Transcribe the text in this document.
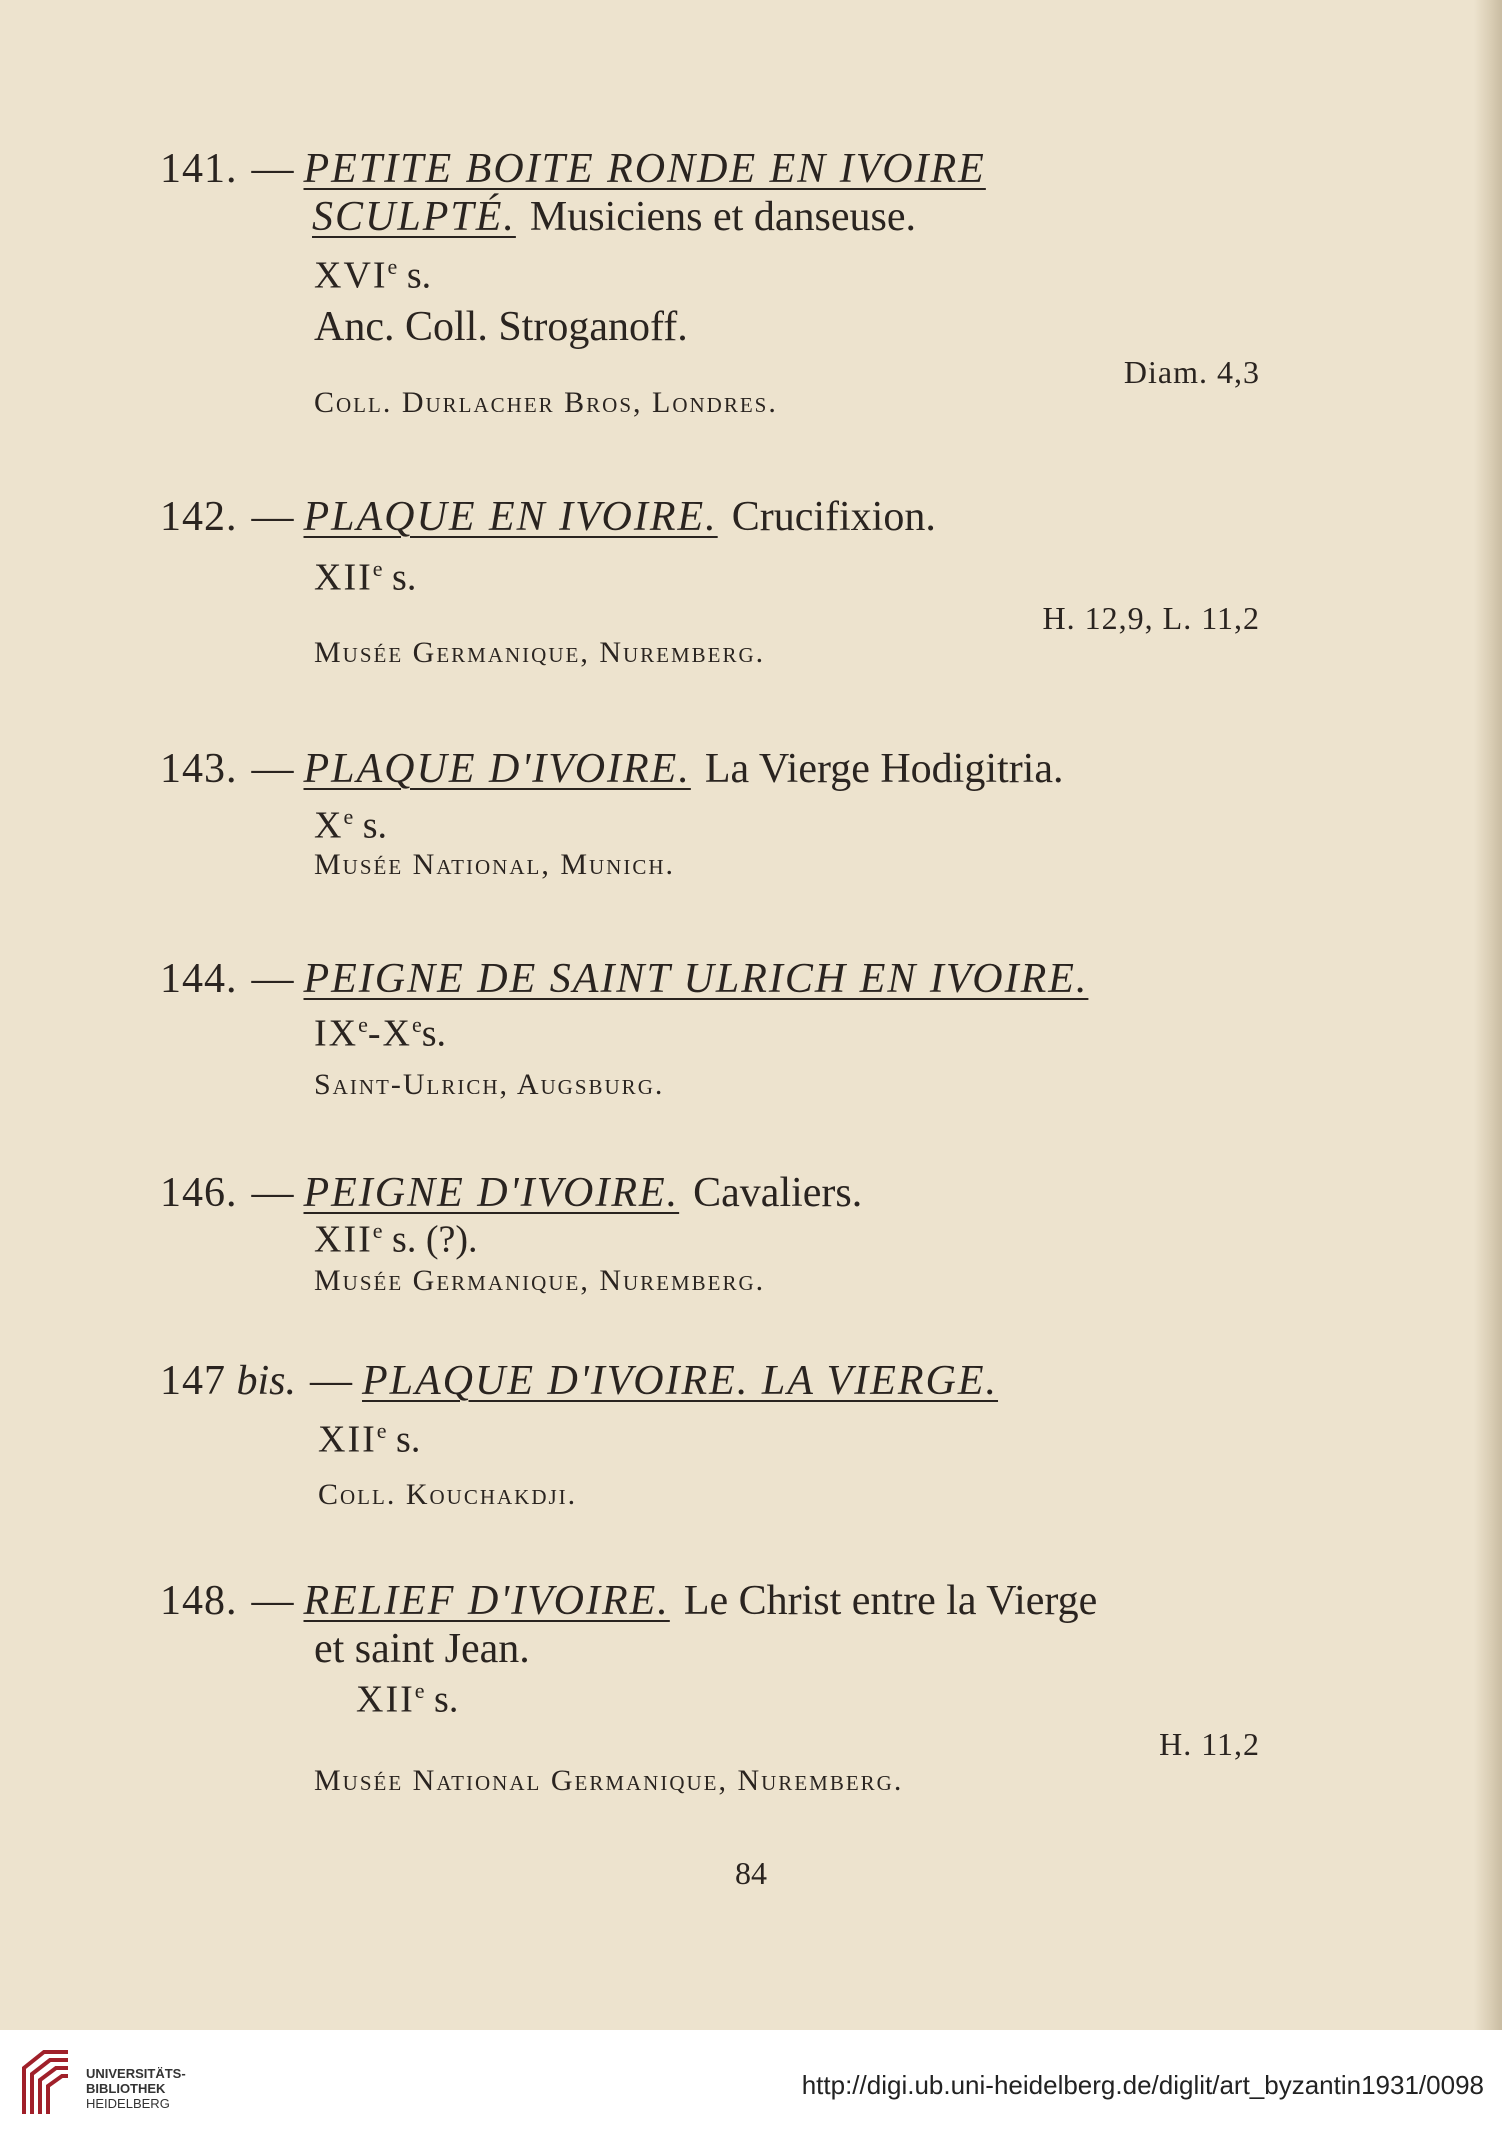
141. — PETITE BOITE RONDE EN IVOIRE
SCULPTÉ. Musiciens et danseuse.
XVIe s.
Anc. Coll. Stroganoff.
Diam. 4,3
Coll. Durlacher Bros, Londres.
142. — PLAQUE EN IVOIRE. Crucifixion.
XIIe s.
H. 12,9, L. 11,2
Musée Germanique, Nuremberg.
143. — PLAQUE D'IVOIRE. La Vierge Hodigitria.
Xe s.
Musée National, Munich.
144. — PEIGNE DE SAINT ULRICH EN IVOIRE.
IXe-Xes.
Saint-Ulrich, Augsburg.
146. — PEIGNE D'IVOIRE. Cavaliers.
XIIe s. (?).
Musée Germanique, Nuremberg.
147 bis. — PLAQUE D'IVOIRE. LA VIERGE.
XIIe s.
Coll. Kouchakdji.
148. — RELIEF D'IVOIRE. Le Christ entre la Vierge
et saint Jean.
XIIe s.
H. 11,2
Musée National Germanique, Nuremberg.
84
UNIVERSITÄTS-
BIBLIOTHEK
HEIDELBERG
http://digi.ub.uni-heidelberg.de/diglit/art_byzantin1931/0098
